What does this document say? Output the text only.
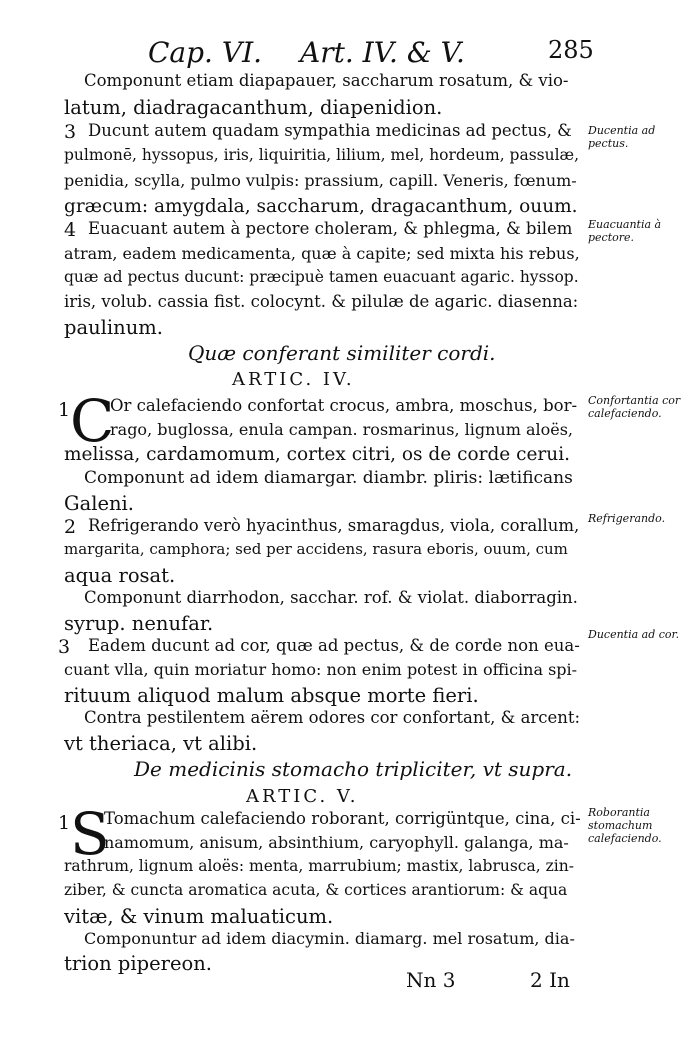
Cap. VI. Art. IV. & V.	285
Componunt etiam diapapauer, saccharum rosatum, & vio-
latum, diadragacanthum, diapenidion.
3 Ducunt autem quadam sympathia medicinas ad pectus, &
pulmonē, hyssopus, iris, liquiritia, lilium, mel, hordeum, passulæ,
penidia, scylla, pulmo vulpis: prassium, capill. Veneris, fœnum-
græcum: amygdala, saccharum, dragacanthum, ouum.
4 Euacuant autem à pectore choleram, & phlegma, & bilem
atram, eadem medicamenta, quæ à capite; sed mixta his rebus,
quæ ad pectus ducunt: præcipuè tamen euacuant agaric. hyssop.
iris, volub. cassia fist. colocynt. & pilulæ de agaric. diasenna:
paulinum.
Ducentia ad pectus.
Euacuantia à pectore.
Quæ conferant similiter cordi.
ARTIC. IV.
1 C
Or calefaciendo confortat crocus, ambra, moschus, bor-
rago, buglossa, enula campan. rosmarinus, lignum aloës,
melissa, cardamomum, cortex citri, os de corde cerui.
Componunt ad idem diamargar. diambr. pliris: lætificans
Galeni.
2 Refrigerando verò hyacinthus, smaragdus, viola, corallum,
margarita, camphora; sed per accidens, rasura eboris, ouum, cum
aqua rosat.
Componunt diarrhodon, sacchar. rof. & violat. diaborragin.
syrup. nenufar.
3 Eadem ducunt ad cor, quæ ad pectus, & de corde non eua-
cuant vlla, quin moriatur homo: non enim potest in officina spi-
rituum aliquod malum absque morte fieri.
Contra pestilentem aërem odores cor confortant, & arcent:
vt theriaca, vt alibi.
Confortantia cor calefaciendo.
Refrigerando.
Ducentia ad cor.
De medicinis stomacho tripliciter, vt supra.
ARTIC. V.
1 S
Tomachum calefaciendo roborant, corrigüntque, cina, ci-
namomum, anisum, absinthium, caryophyll. galanga, ma-
rathrum, lignum aloës: menta, marrubium; mastix, labrusca, zin-
ziber, & cuncta aromatica acuta, & cortices arantiorum: & aqua
vitæ, & vinum maluaticum.
Componuntur ad idem diacymin. diamarg. mel rosatum, dia-
trion pipereon.
Roborantia stomachum calefaciendo.
Nn 3	2 In
